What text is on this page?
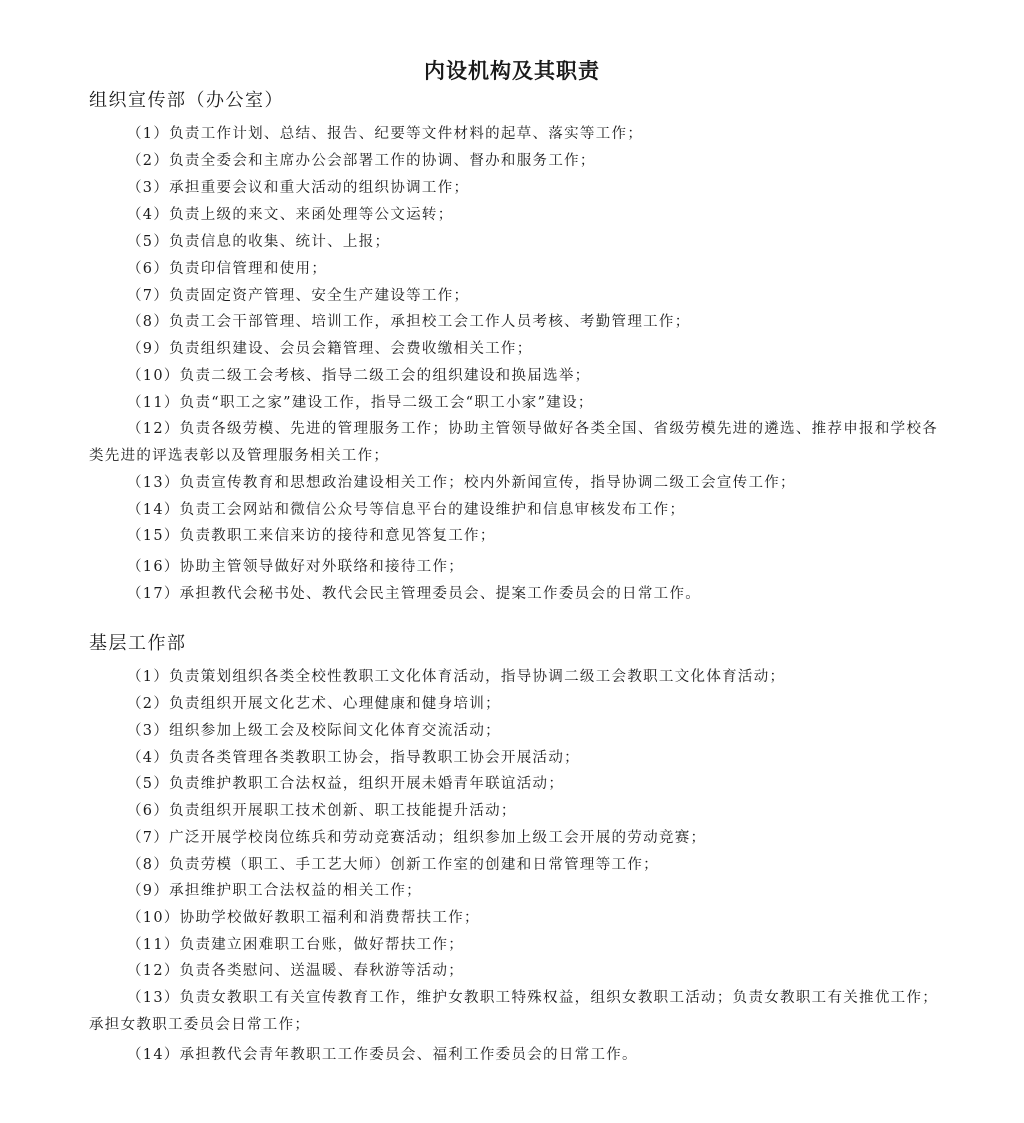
内设机构及其职责
组织宣传部（办公室）

（1）负责工作计划、总结、报告、纪要等文件材料的起草、落实等工作；

（2）负责全委会和主席办公会部署工作的协调、督办和服务工作；

（3）承担重要会议和重大活动的组织协调工作；

（4）负责上级的来文、来函处理等公文运转；

（5）负责信息的收集、统计、上报；

（6）负责印信管理和使用；

（7）负责固定资产管理、安全生产建设等工作；

（8）负责工会干部管理、培训工作，承担校工会工作人员考核、考勤管理工作；

（9）负责组织建设、会员会籍管理、会费收缴相关工作；

（10）负责二级工会考核、指导二级工会的组织建设和换届选举；

（11）负责“职工之家”建设工作，指导二级工会“职工小家”建设；

（12）负责各级劳模、先进的管理服务工作；协助主管领导做好各类全国、省级劳模先进的遴选、推荐申报和学校各类先进的评选表彰以及管理服务相关工作；

（13）负责宣传教育和思想政治建设相关工作；校内外新闻宣传，指导协调二级工会宣传工作；

（14）负责工会网站和微信公众号等信息平台的建设维护和信息审核发布工作；

（15）负责教职工来信来访的接待和意见答复工作；

（16）协助主管领导做好对外联络和接待工作；

（17）承担教代会秘书处、教代会民主管理委员会、提案工作委员会的日常工作。

基层工作部

（1）负责策划组织各类全校性教职工文化体育活动，指导协调二级工会教职工文化体育活动；

（2）负责组织开展文化艺术、心理健康和健身培训；

（3）组织参加上级工会及校际间文化体育交流活动；

（4）负责各类管理各类教职工协会，指导教职工协会开展活动；

（5）负责维护教职工合法权益，组织开展未婚青年联谊活动；

（6）负责组织开展职工技术创新、职工技能提升活动；

（7）广泛开展学校岗位练兵和劳动竞赛活动；组织参加上级工会开展的劳动竞赛；

（8）负责劳模（职工、手工艺大师）创新工作室的创建和日常管理等工作；

（9）承担维护职工合法权益的相关工作；

（10）协助学校做好教职工福利和消费帮扶工作；

（11）负责建立困难职工台账，做好帮扶工作；

（12）负责各类慰问、送温暖、春秋游等活动；

（13）负责女教职工有关宣传教育工作，维护女教职工特殊权益，组织女教职工活动；负责女教职工有关推优工作；承担女教职工委员会日常工作；

（14）承担教代会青年教职工工作委员会、福利工作委员会的日常工作。
